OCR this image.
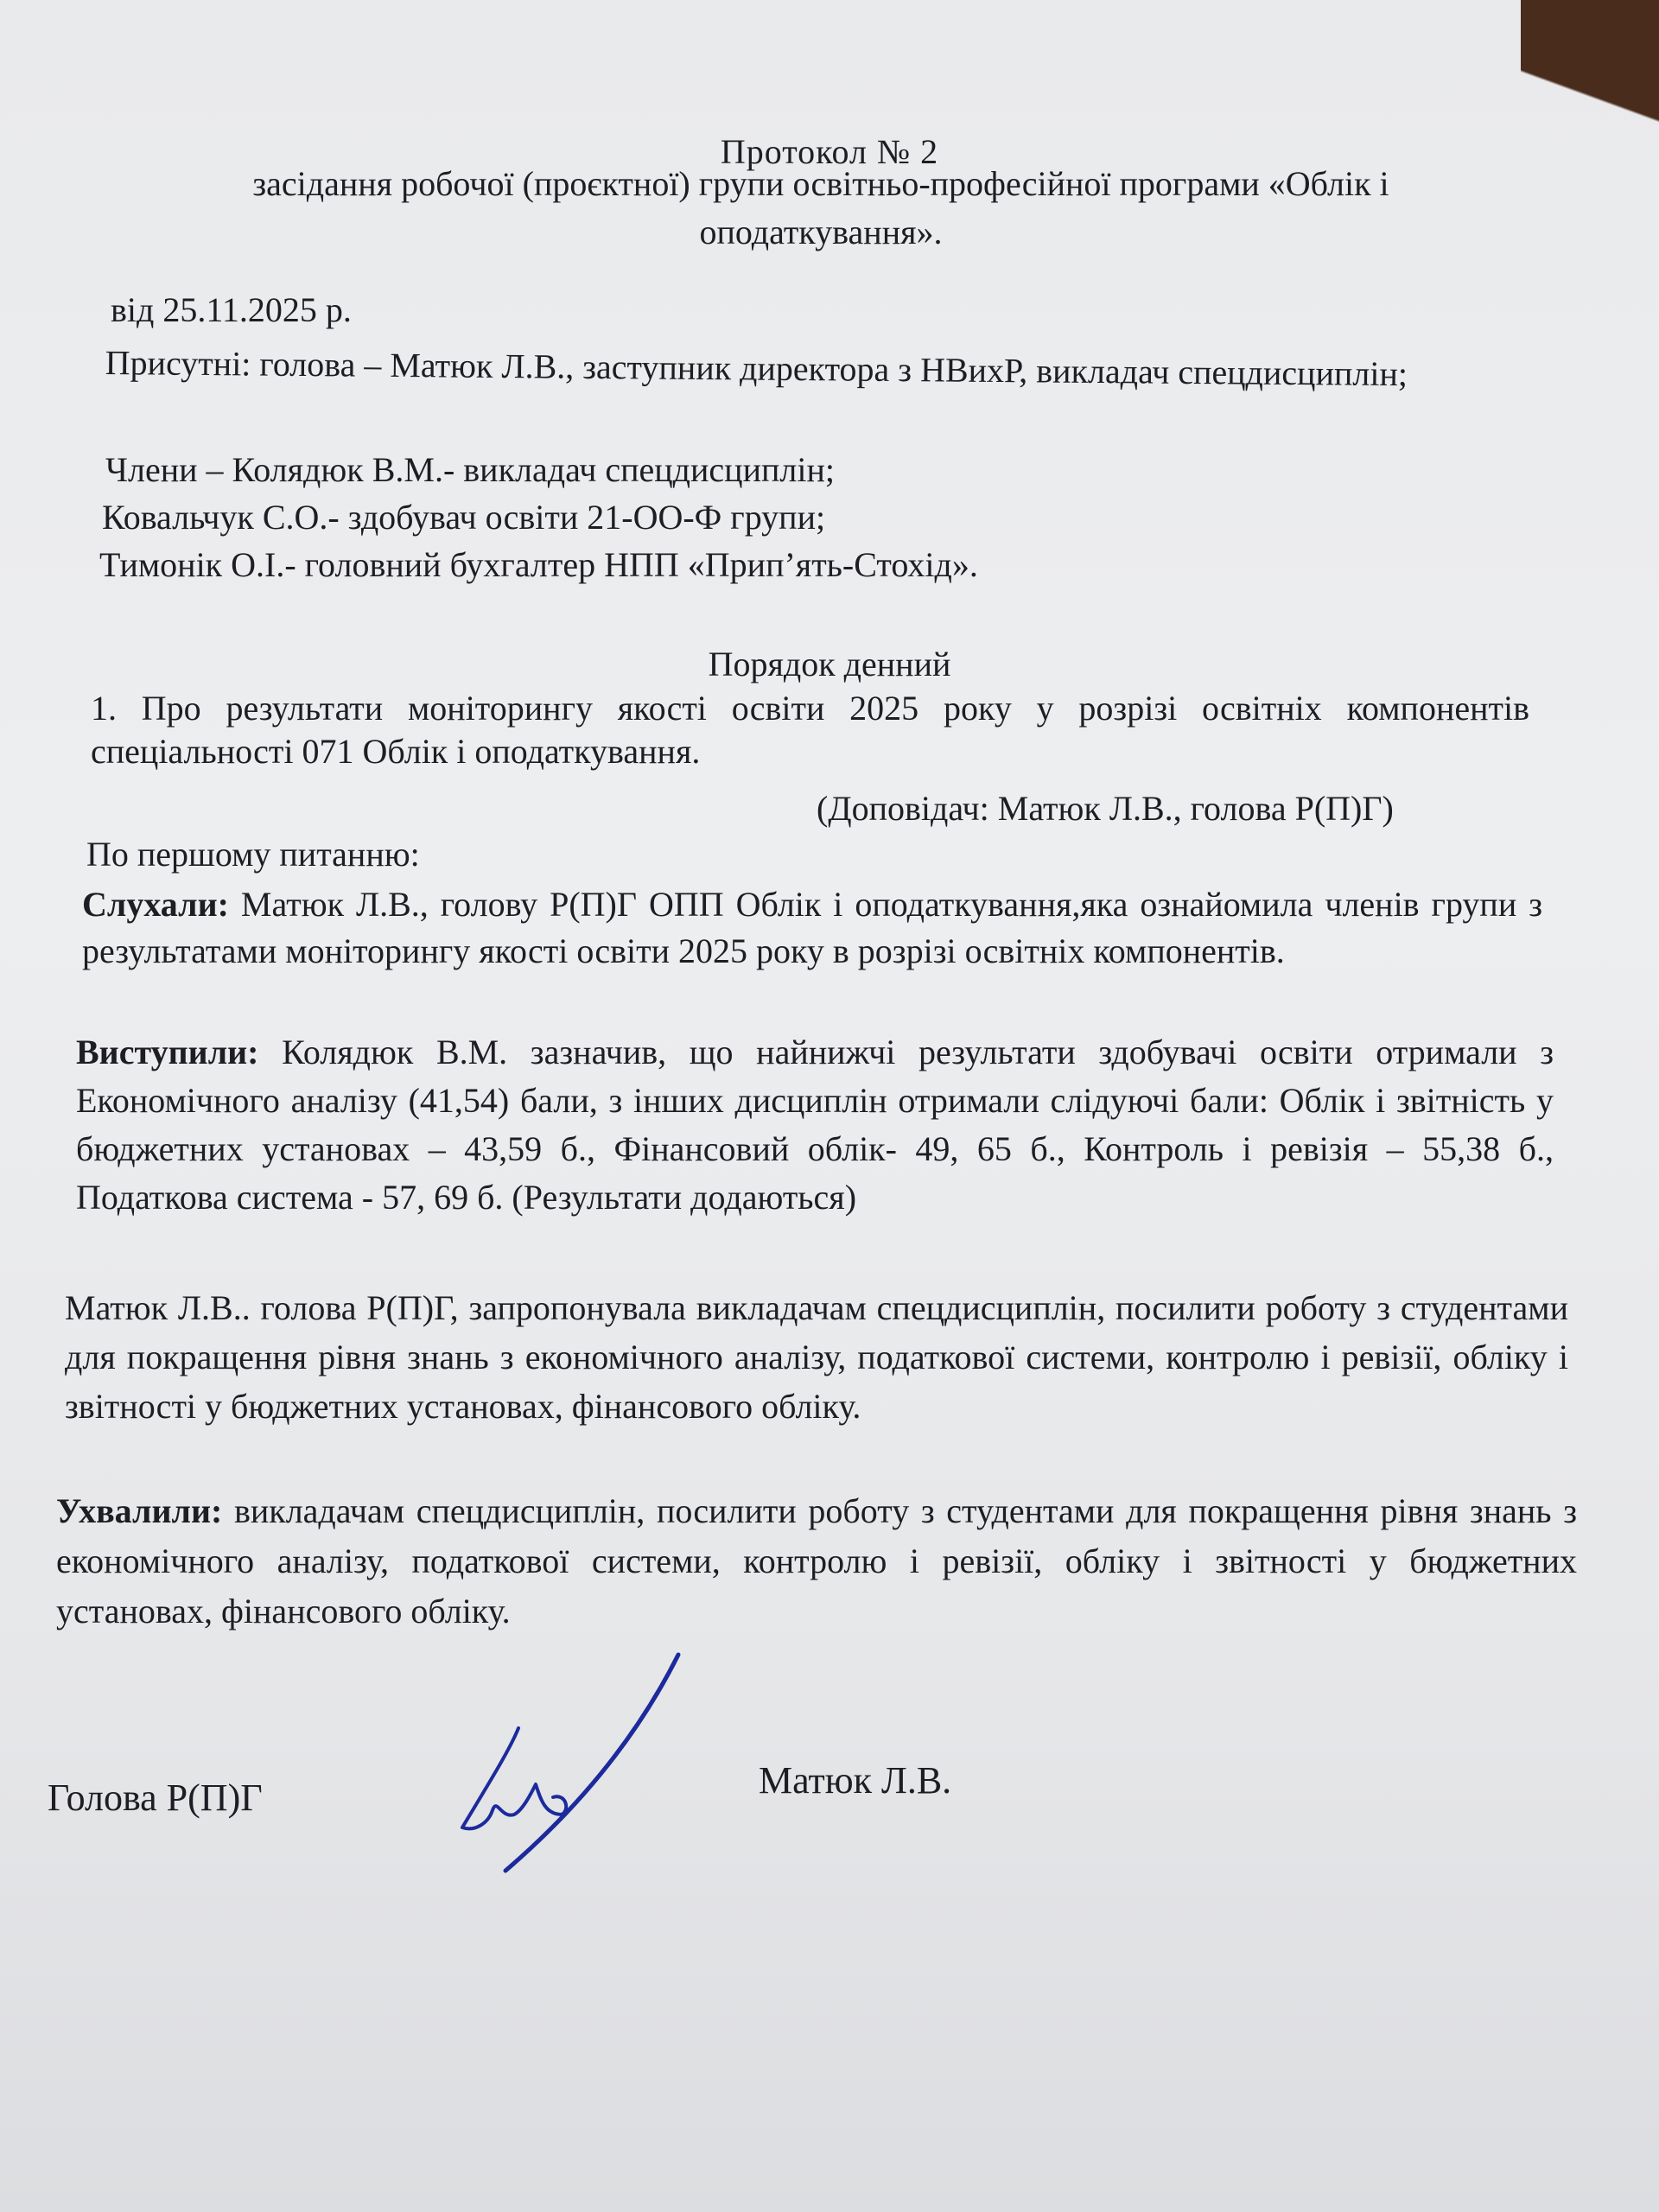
Протокол № 2
засідання робочої (проєктної) групи освітньо-професійної програми «Облік і оподаткування».
від 25.11.2025 р.
Присутні: голова – Матюк Л.В., заступник директора з НВихР, викладач спецдисциплін;
Члени – Колядюк В.М.- викладач спецдисциплін;
Ковальчук С.О.- здобувач освіти 21-ОО-Ф групи;
Тимонік О.І.- головний бухгалтер НПП «Прип’ять-Стохід».
Порядок денний
1. Про результати моніторингу якості освіти 2025 року у розрізі освітніх компонентів спеціальності 071 Облік і оподаткування.
(Доповідач: Матюк Л.В., голова Р(П)Г)
По першому питанню:
Слухали: Матюк Л.В., голову Р(П)Г ОПП Облік і оподаткування,яка ознайомила членів групи з результатами моніторингу якості освіти 2025 року в розрізі освітніх компонентів.
Виступили: Колядюк В.М. зазначив, що найнижчі результати здобувачі освіти отримали з Економічного аналізу (41,54) бали, з інших дисциплін отримали слідуючі бали: Облік і звітність у бюджетних установах – 43,59 б., Фінансовий облік- 49, 65 б., Контроль і ревізія – 55,38 б., Податкова система - 57, 69 б. (Результати додаються)
Матюк Л.В.. голова Р(П)Г, запропонувала викладачам спецдисциплін, посилити роботу з студентами для покращення рівня знань з економічного аналізу, податкової системи, контролю і ревізії, обліку і звітності у бюджетних установах, фінансового обліку.
Ухвалили: викладачам спецдисциплін, посилити роботу з студентами для покращення рівня знань з економічного аналізу, податкової системи, контролю і ревізії, обліку і звітності у бюджетних установах, фінансового обліку.
Голова Р(П)Г	Матюк Л.В.
